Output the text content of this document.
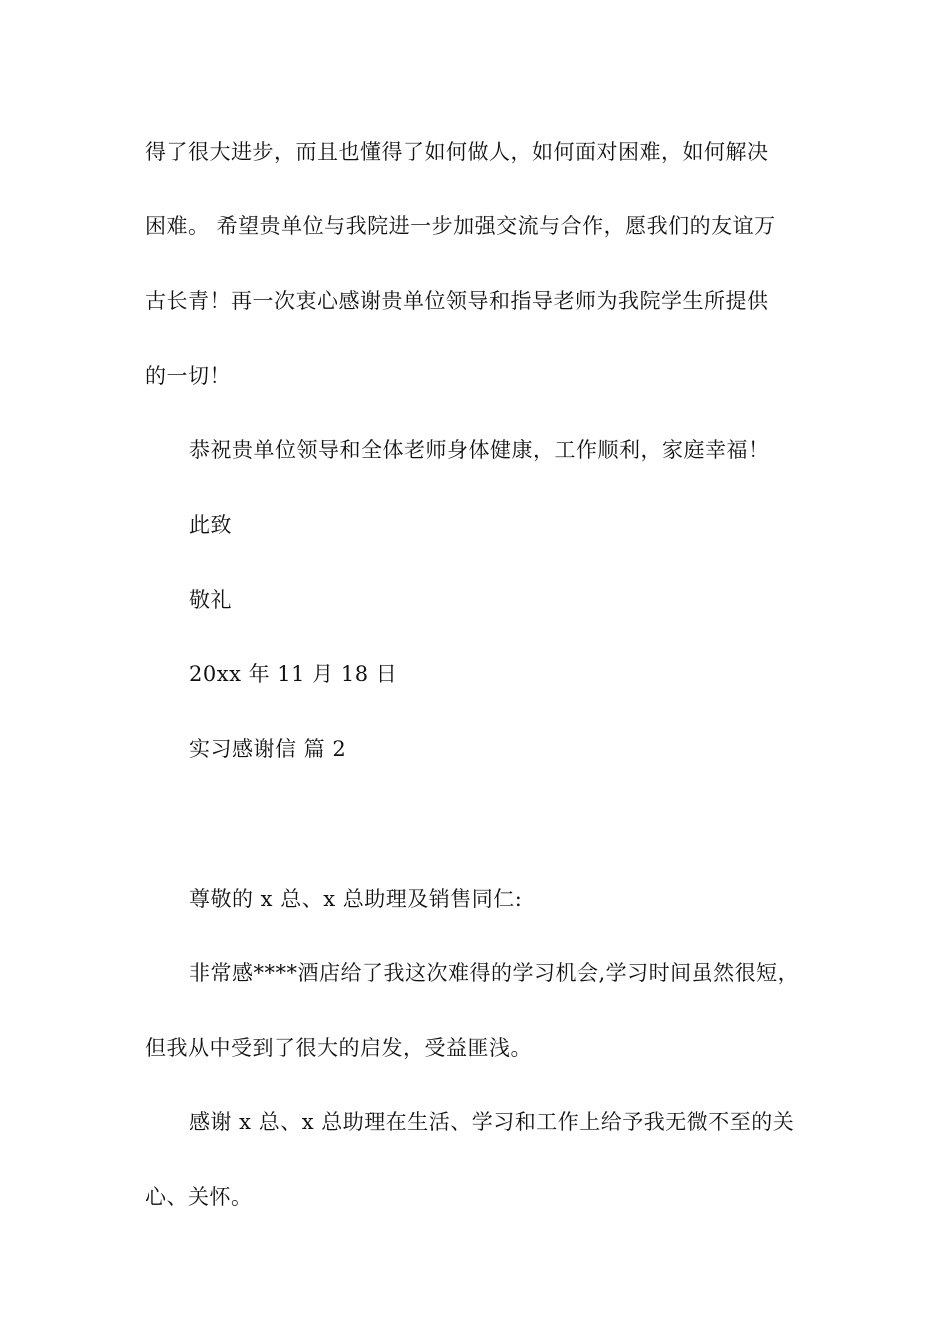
得了很大进步，而且也懂得了如何做人，如何面对困难，如何解决
困难。 希望贵单位与我院进一步加强交流与合作，愿我们的友谊万
古长青！再一次衷心感谢贵单位领导和指导老师为我院学生所提供
的一切！
恭祝贵单位领导和全体老师身体健康，工作顺利，家庭幸福！
此致
敬礼
20xx 年 11 月 18 日
实习感谢信 篇 2
尊敬的 x 总、x 总助理及销售同仁:
非常感****酒店给了我这次难得的学习机会,学习时间虽然很短，
但我从中受到了很大的启发，受益匪浅。
感谢 x 总、x 总助理在生活、学习和工作上给予我无微不至的关
心、关怀。
